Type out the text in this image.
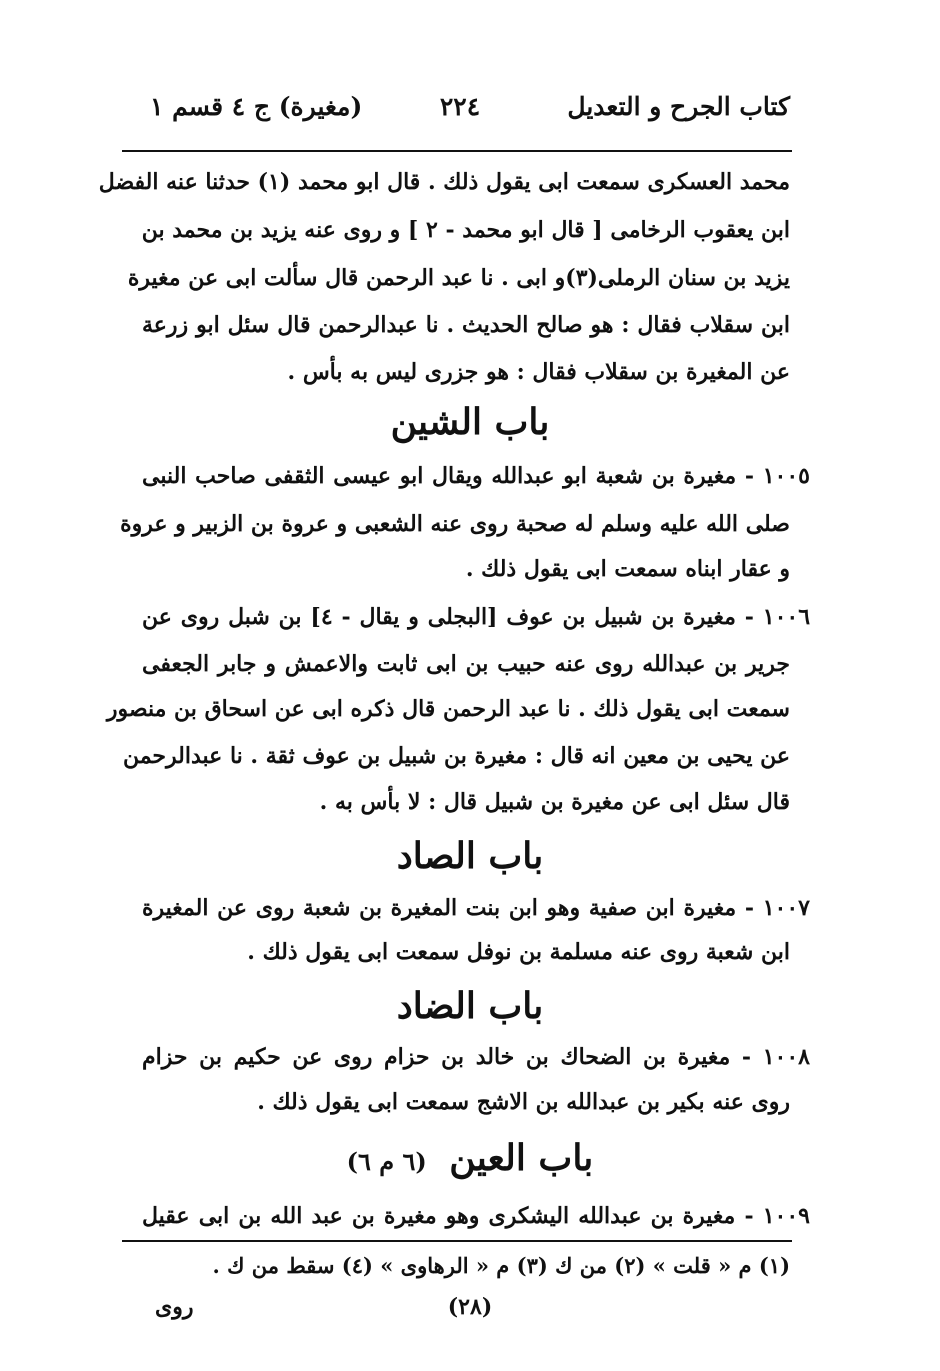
كتاب الجرح و التعديل
٢٢٤
(مغيرة) ج ٤ قسم ١
محمد العسكرى سمعت ابى يقول ذلك . قال ابو محمد (١) حدثنا عنه الفضل
ابن يعقوب الرخامى [ قال ابو محمد - ٢ ] و روى عنه يزيد بن محمد بن
يزيد بن سنان الرملى(٣)و ابى . نا عبد الرحمن قال سألت ابى عن مغيرة
ابن سقلاب فقال : هو صالح الحديث . نا عبدالرحمن قال سئل ابو زرعة
عن المغيرة بن سقلاب فقال : هو جزرى ليس به بأس .
باب الشين
١٠٠٥ - مغيرة بن شعبة ابو عبدالله ويقال ابو عيسى الثقفى صاحب النبى
صلى الله عليه وسلم له صحبة روى عنه الشعبى و عروة بن الزبير و عروة
و عقار ابناه سمعت ابى يقول ذلك .
١٠٠٦ - مغيرة بن شبيل بن عوف [البجلى و يقال - ٤] بن شبل روى عن
جرير بن عبدالله روى عنه حبيب بن ابى ثابت والاعمش و جابر الجعفى
سمعت ابى يقول ذلك . نا عبد الرحمن قال ذكره ابى عن اسحاق بن منصور
عن يحيى بن معين انه قال : مغيرة بن شبيل بن عوف ثقة . نا عبدالرحمن
قال سئل ابى عن مغيرة بن شبيل قال : لا بأس به .
باب الصاد
١٠٠٧ - مغيرة ابن صفية وهو ابن بنت المغيرة بن شعبة روى عن المغيرة
ابن شعبة روى عنه مسلمة بن نوفل سمعت ابى يقول ذلك .
باب الضاد
١٠٠٨ - مغيرة بن الضحاك بن خالد بن حزام روى عن حكيم بن حزام
روى عنه بكير بن عبدالله بن الاشج سمعت ابى يقول ذلك .
باب العين (٦ م ٦)
١٠٠٩ - مغيرة بن عبدالله اليشكرى وهو مغيرة بن عبد الله بن ابى عقيل
(١) م « قلت » (٢) من ك (٣) م « الرهاوى » (٤) سقط من ك .
(٢٨)
روى
